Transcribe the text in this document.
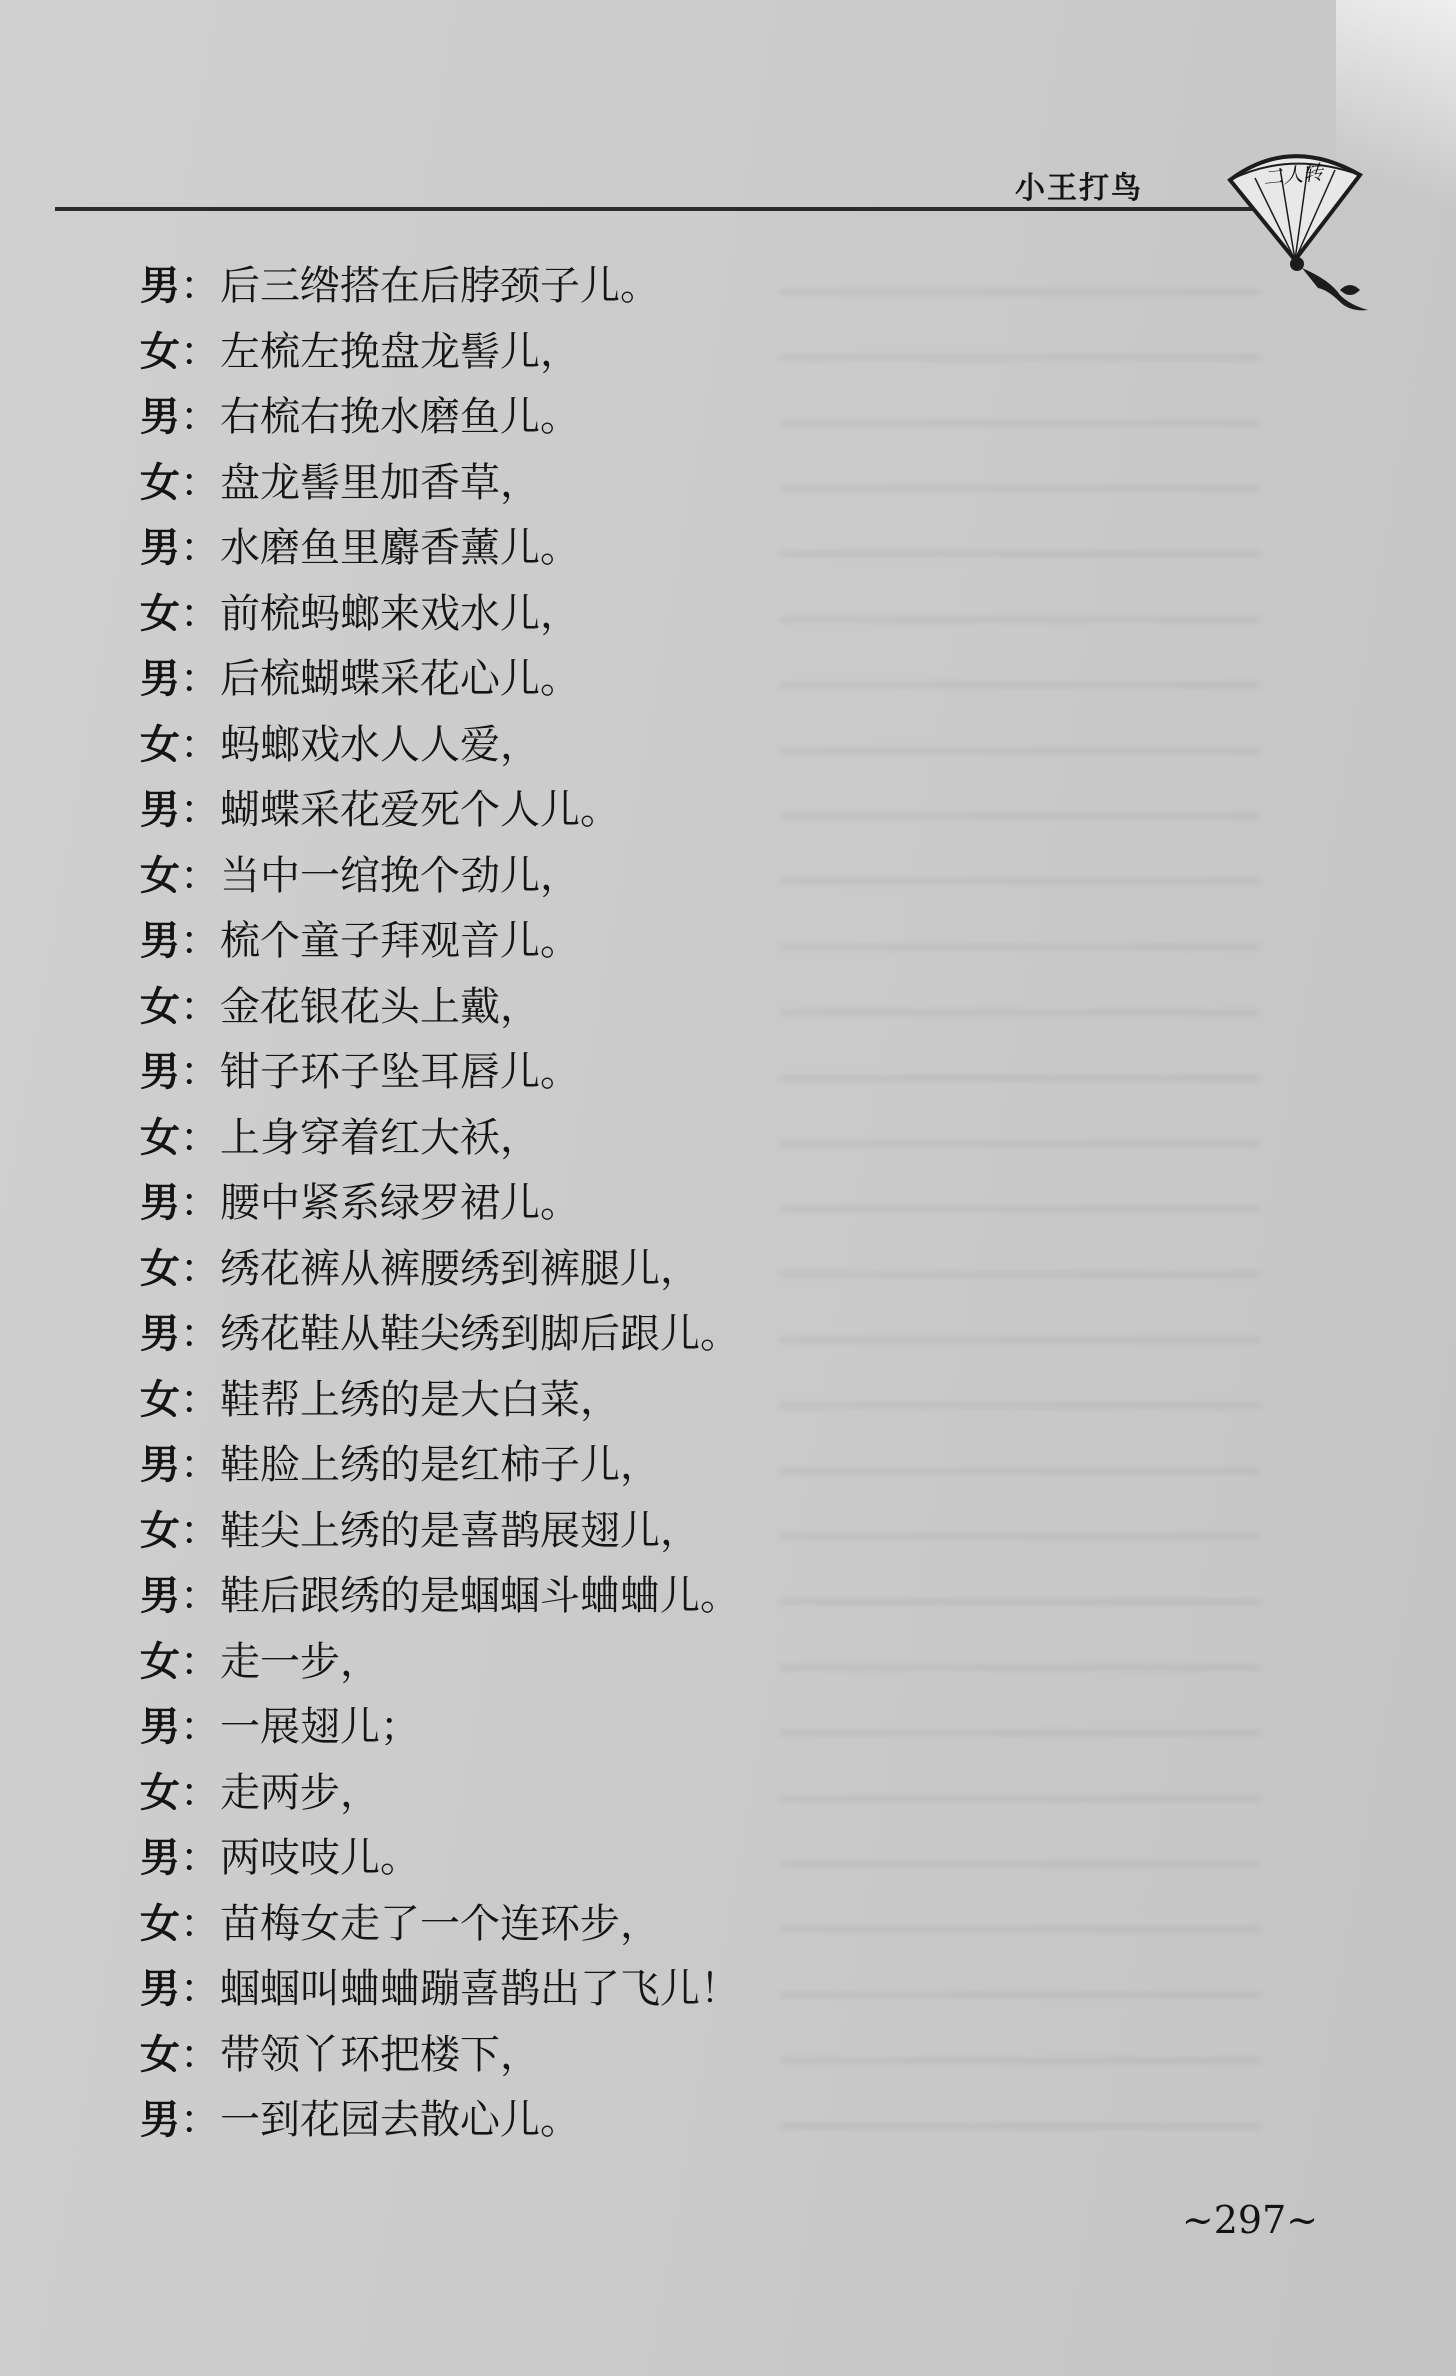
小王打鸟	二人转
男：后三绺搭在后脖颈子儿。
女：左梳左挽盘龙髻儿，
男：右梳右挽水磨鱼儿。
女：盘龙髻里加香草，
男：水磨鱼里麝香薰儿。
女：前梳蚂螂来戏水儿，
男：后梳蝴蝶采花心儿。
女：蚂螂戏水人人爱，
男：蝴蝶采花爱死个人儿。
女：当中一绾挽个劲儿，
男：梳个童子拜观音儿。
女：金花银花头上戴，
男：钳子环子坠耳唇儿。
女：上身穿着红大袄，
男：腰中紧系绿罗裙儿。
女：绣花裤从裤腰绣到裤腿儿，
男：绣花鞋从鞋尖绣到脚后跟儿。
女：鞋帮上绣的是大白菜，
男：鞋脸上绣的是红柿子儿，
女：鞋尖上绣的是喜鹊展翅儿，
男：鞋后跟绣的是蝈蝈斗蛐蛐儿。
女：走一步，
男：一展翅儿；
女：走两步，
男：两吱吱儿。
女：苗梅女走了一个连环步，
男：蝈蝈叫蛐蛐蹦喜鹊出了飞儿！
女：带领丫环把楼下，
男：一到花园去散心儿。
~297~
